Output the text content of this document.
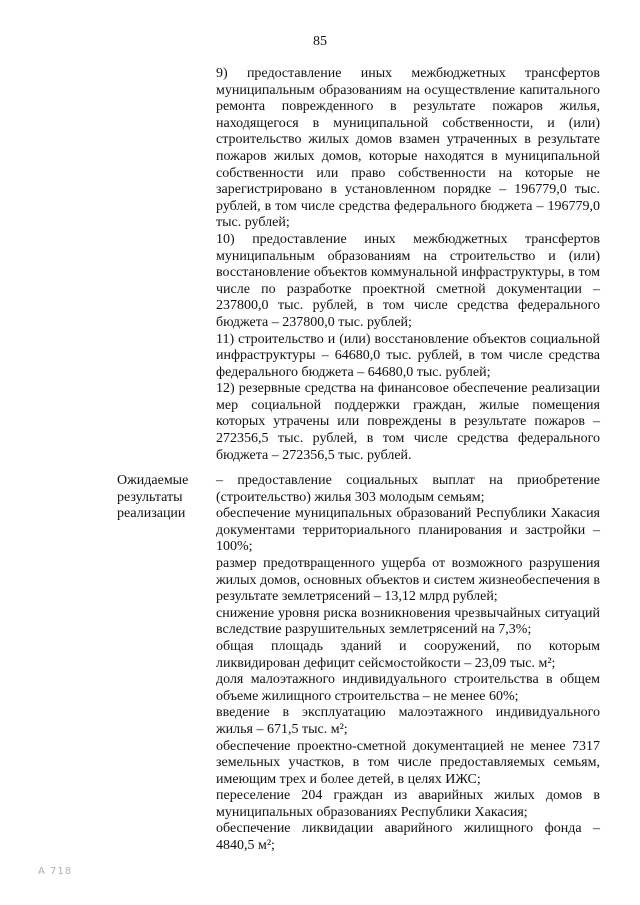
85

9) предоставление иных межбюджетных трансфертов муниципальным образованиям на осуществление капитального ремонта поврежденного в результате пожаров жилья, находящегося в муниципальной собственности, и (или) строительство жилых домов взамен утраченных в результате пожаров жилых домов, которые находятся в муниципальной собственности или право собственности на которые не зарегистрировано в установленном порядке – 196779,0 тыс. рублей, в том числе средства федерального бюджета – 196779,0 тыс. рублей;

10) предоставление иных межбюджетных трансфертов муниципальным образованиям на строительство и (или) восстановление объектов коммунальной инфраструктуры, в том числе по разработке проектной сметной документации – 237800,0 тыс. рублей, в том числе средства федерального бюджета – 237800,0 тыс. рублей;

11) строительство и (или) восстановление объектов социальной инфраструктуры – 64680,0 тыс. рублей, в том числе средства федерального бюджета – 64680,0 тыс. рублей;

12) резервные средства на финансовое обеспечение реализации мер социальной поддержки граждан, жилые помещения которых утрачены или повреждены в результате пожаров – 272356,5 тыс. рублей, в том числе средства федерального бюджета – 272356,5 тыс. рублей.

Ожидаемые
результаты
реализации

– предоставление социальных выплат на приобретение (строительство) жилья 303 молодым семьям;

обеспечение муниципальных образований Республики Хакасия документами территориального планирования и застройки – 100%;

размер предотвращенного ущерба от возможного разрушения жилых домов, основных объектов и систем жизнеобеспечения в результате землетрясений – 13,12 млрд рублей;

снижение уровня риска возникновения чрезвычайных ситуаций вследствие разрушительных землетрясений на 7,3%;

общая площадь зданий и сооружений, по которым ликвидирован дефицит сейсмостойкости – 23,09 тыс. м²;

доля малоэтажного индивидуального строительства в общем объеме жилищного строительства – не менее 60%;

введение в эксплуатацию малоэтажного индивидуального жилья – 671,5 тыс. м²;

обеспечение проектно-сметной документацией не менее 7317 земельных участков, в том числе предоставляемых семьям, имеющим трех и более детей, в целях ИЖС;

переселение 204 граждан из аварийных жилых домов в муниципальных образованиях Республики Хакасия;

обеспечение ликвидации аварийного жилищного фонда – 4840,5 м²;

А 718
